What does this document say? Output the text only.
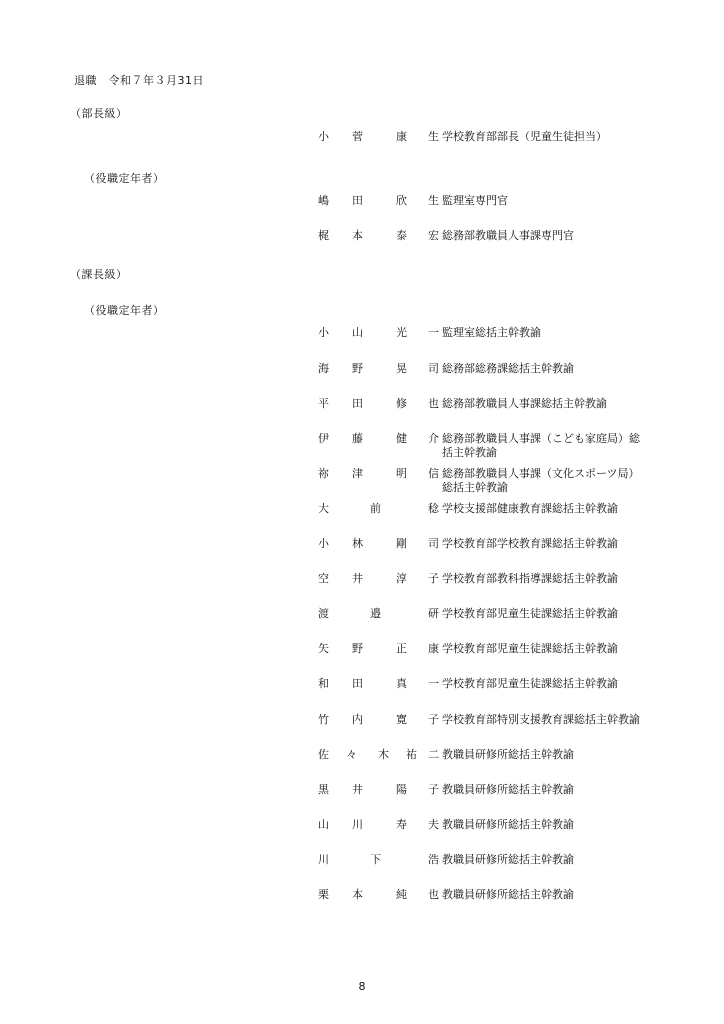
退職　令和７年３月31日
（部長級）
小 菅	康 生 学校教育部部長（児童生徒担当）
（役職定年者）
嶋 田	欣 生 監理室専門官
梶 本	泰 宏 総務部教職員人事課専門官
（課長級）
（役職定年者）
小 山	光 一 監理室総括主幹教諭
海 野	晃 司 総務部総務課総括主幹教諭
平 田	修 也 総務部教職員人事課総括主幹教諭
伊 藤	健 介 総務部教職員人事課（こども家庭局）総括主幹教諭
祢 津	明 信 総務部教職員人事課（文化スポーツ局）総括主幹教諭
大	前	稔 学校支援部健康教育課総括主幹教諭
小 林	剛 司 学校教育部学校教育課総括主幹教諭
空 井	淳 子 学校教育部教科指導課総括主幹教諭
渡	邉	研 学校教育部児童生徒課総括主幹教諭
矢 野	正 康 学校教育部児童生徒課総括主幹教諭
和 田	真 一 学校教育部児童生徒課総括主幹教諭
竹 内	寛 子 学校教育部特別支援教育課総括主幹教諭
佐 々 木 祐 二 教職員研修所総括主幹教諭
黒 井	陽 子 教職員研修所総括主幹教諭
山 川	寿 夫 教職員研修所総括主幹教諭
川	下	浩 教職員研修所総括主幹教諭
栗 本	純 也 教職員研修所総括主幹教諭
8
